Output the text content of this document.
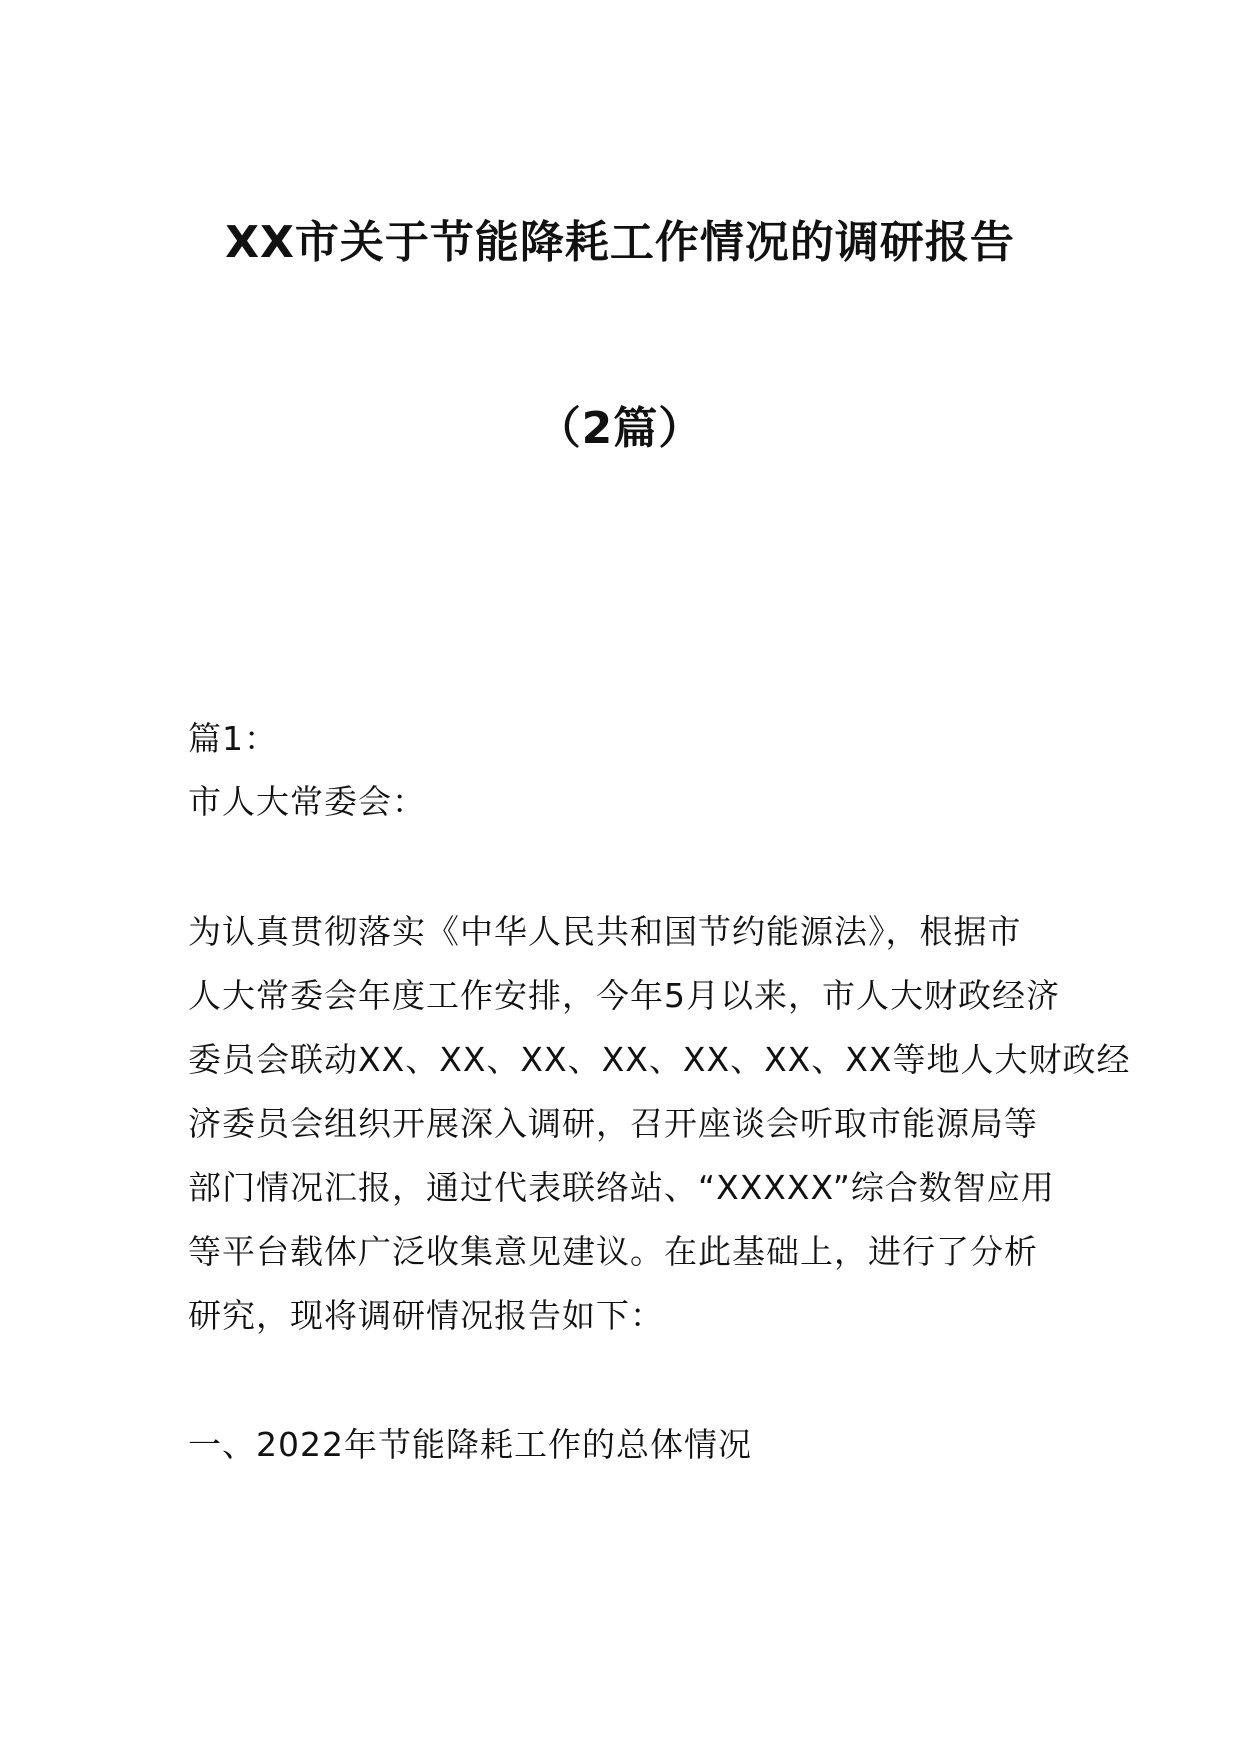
XX市关于节能降耗工作情况的调研报告
（2篇）
篇1：
市人大常委会：
为认真贯彻落实《中华人民共和国节约能源法》，根据市
人大常委会年度工作安排，今年5月以来，市人大财政经济
委员会联动XX、XX、XX、XX、XX、XX、XX等地人大财政经
济委员会组织开展深入调研，召开座谈会听取市能源局等
部门情况汇报，通过代表联络站、“XXXXX”综合数智应用
等平台载体广泛收集意见建议。在此基础上，进行了分析
研究，现将调研情况报告如下：
一、2022年节能降耗工作的总体情况
